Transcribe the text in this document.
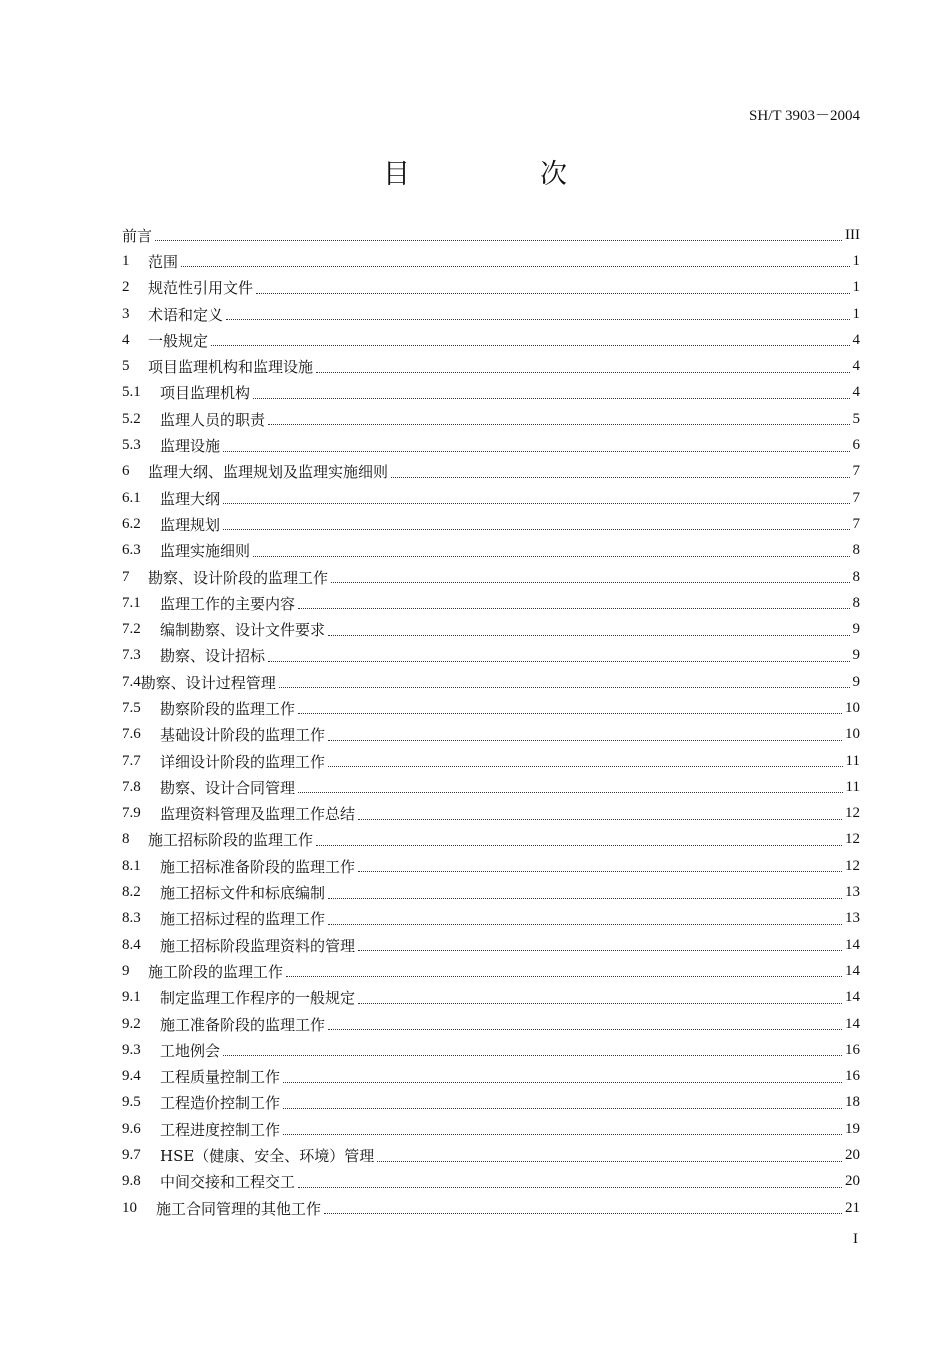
SH/T 3903－2004
目	次
前言	III
1	范围	1
2	规范性引用文件	1
3	术语和定义	1
4	一般规定	4
5	项目监理机构和监理设施	4
5.1	项目监理机构	4
5.2	监理人员的职责	5
5.3	监理设施	6
6	监理大纲、监理规划及监理实施细则	7
6.1	监理大纲	7
6.2	监理规划	7
6.3	监理实施细则	8
7	勘察、设计阶段的监理工作	8
7.1	监理工作的主要内容	8
7.2	编制勘察、设计文件要求	9
7.3	勘察、设计招标	9
7.4 勘察、设计过程管理	9
7.5	勘察阶段的监理工作	10
7.6	基础设计阶段的监理工作	10
7.7	详细设计阶段的监理工作	11
7.8	勘察、设计合同管理	11
7.9	监理资料管理及监理工作总结	12
8	施工招标阶段的监理工作	12
8.1	施工招标准备阶段的监理工作	12
8.2	施工招标文件和标底编制	13
8.3	施工招标过程的监理工作	13
8.4	施工招标阶段监理资料的管理	14
9	施工阶段的监理工作	14
9.1	制定监理工作程序的一般规定	14
9.2	施工准备阶段的监理工作	14
9.3	工地例会	16
9.4	工程质量控制工作	16
9.5	工程造价控制工作	18
9.6	工程进度控制工作	19
9.7	HSE（健康、安全、环境）管理	20
9.8	中间交接和工程交工	20
10	施工合同管理的其他工作	21
I
